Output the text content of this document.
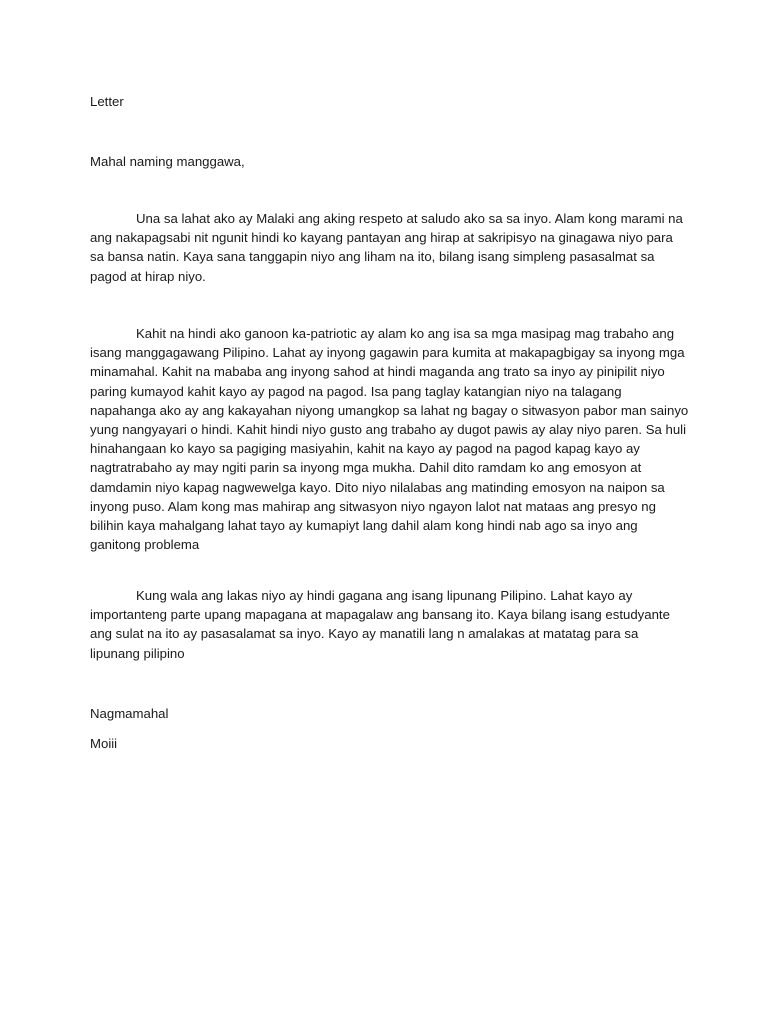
Letter

Mahal naming manggawa,

Una sa lahat ako ay Malaki ang aking respeto at saludo ako sa sa inyo. Alam kong marami na ang nakapagsabi nit ngunit hindi ko kayang pantayan ang hirap at sakripisyo na ginagawa niyo para sa bansa natin. Kaya sana tanggapin niyo ang liham na ito, bilang isang simpleng pasasalmat sa pagod at hirap niyo.

Kahit na hindi ako ganoon ka-patriotic ay alam ko ang isa sa mga masipag mag trabaho ang isang manggagawang Pilipino. Lahat ay inyong gagawin para kumita at makapagbigay sa inyong mga minamahal. Kahit na mababa ang inyong sahod at hindi maganda ang trato sa inyo ay pinipilit niyo paring kumayod kahit kayo ay pagod na pagod. Isa pang taglay katangian niyo na talagang napahanga ako ay ang kakayahan niyong umangkop sa lahat ng bagay o sitwasyon pabor man sainyo yung nangyayari o hindi. Kahit hindi niyo gusto ang trabaho ay dugot pawis ay alay niyo paren. Sa huli hinahangaan ko kayo sa pagiging masiyahin, kahit na kayo ay pagod na pagod kapag kayo ay nagtratrabaho ay may ngiti parin sa inyong mga mukha. Dahil dito ramdam ko ang emosyon at damdamin niyo kapag nagwewelga kayo. Dito niyo nilalabas ang matinding emosyon na naipon sa inyong puso. Alam kong mas mahirap ang sitwasyon niyo ngayon lalot nat mataas ang presyo ng bilihin kaya mahalgang lahat tayo ay kumapiyt lang dahil alam kong hindi nab ago sa inyo ang ganitong problema

Kung wala ang lakas niyo ay hindi gagana ang isang lipunang Pilipino. Lahat kayo ay importanteng parte upang mapagana at mapagalaw ang bansang ito. Kaya bilang isang estudyante ang sulat na ito ay pasasalamat sa inyo. Kayo ay manatili lang n amalakas at matatag para sa lipunang pilipino

Nagmamahal

Moiii
